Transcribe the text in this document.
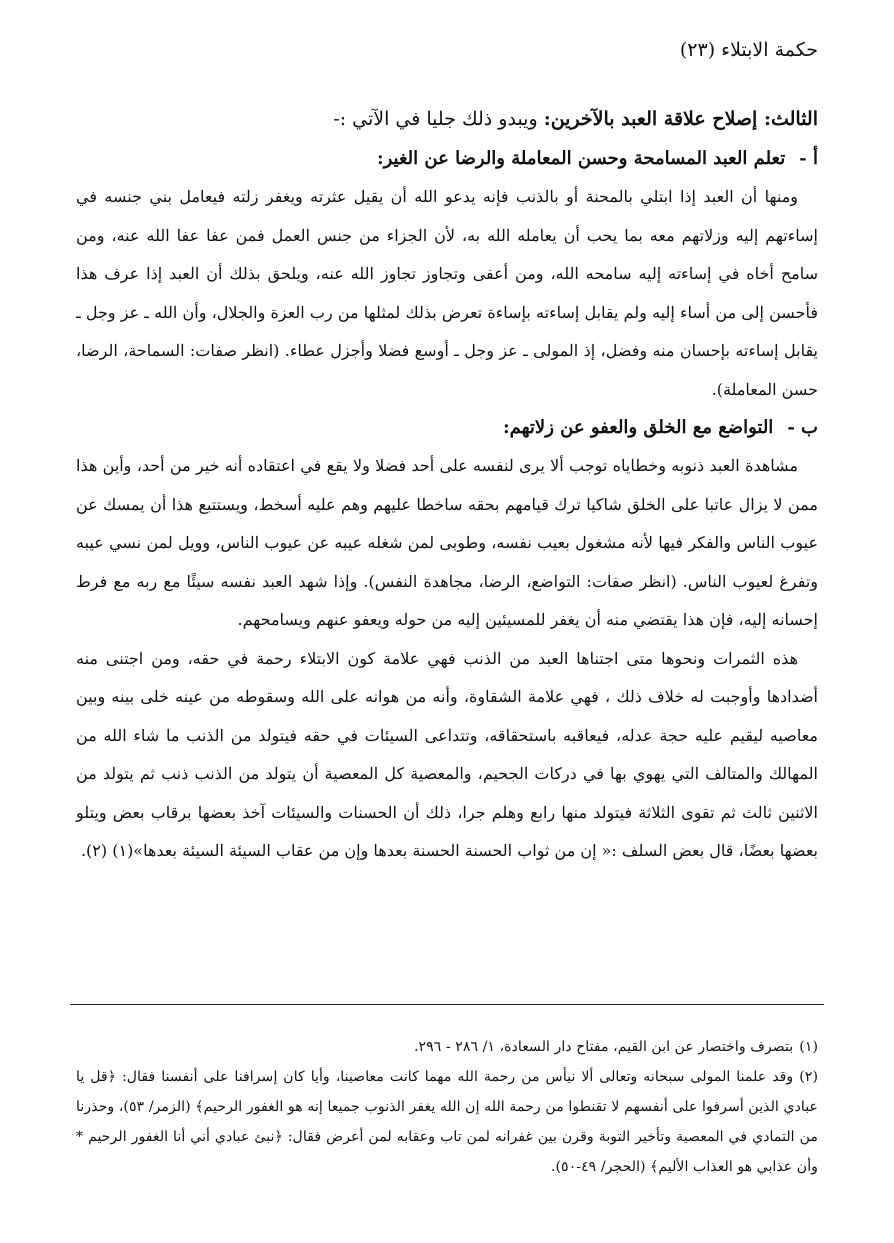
حكمة الابتلاء (٢٣)
الثالث: إصلاح علاقة العبد بالآخرين: ويبدو ذلك جليا في الآتي :-
أ -تعلم العبد المسامحة وحسن المعاملة والرضا عن الغير:

ومنها أن العبد إذا ابتلي بالمحنة أو بالذنب فإنه يدعو الله أن يقيل عثرته ويغفر زلته فيعامل بني جنسه في إساءتهم إليه وزلاتهم معه بما يحب أن يعامله الله به، لأن الجزاء من جنس العمل فمن عفا عفا الله عنه، ومن سامح أخاه في إساءته إليه سامحه الله، ومن أعفى وتجاوز تجاوز الله عنه، ويلحق بذلك أن العبد إذا عرف هذا فأحسن إلى من أساء إليه ولم يقابل إساءته بإساءة تعرض بذلك لمثلها من رب العزة والجلال، وأن الله ـ عز وجل ـ يقابل إساءته بإحسان منه وفضل، إذ المولى ـ عز وجل ـ أوسع فضلا وأجزل عطاء. (انظر صفات: السماحة، الرضا، حسن المعاملة).

ب -التواضع مع الخلق والعفو عن زلاتهم:

مشاهدة العبد ذنوبه وخطاياه توجب ألا يرى لنفسه على أحد فضلا ولا يقع في اعتقاده أنه خير من أحد، وأين هذا ممن لا يزال عاتبا على الخلق شاكيا ترك قيامهم بحقه ساخطا عليهم وهم عليه أسخط، ويستتبع هذا أن يمسك عن عيوب الناس والفكر فيها لأنه مشغول بعيب نفسه، وطوبى لمن شغله عيبه عن عيوب الناس، وويل لمن نسي عيبه وتفرغ لعيوب الناس. (انظر صفات: التواضع، الرضا، مجاهدة النفس). وإذا شهد العبد نفسه سيئًا مع ربه مع فرط إحسانه إليه، فإن هذا يقتضي منه أن يغفر للمسيئين إليه من حوله ويعفو عنهم ويسامحهم.

هذه الثمرات ونحوها متى اجتناها العبد من الذنب فهي علامة كون الابتلاء رحمة في حقه، ومن اجتنى منه أضدادها وأوجبت له خلاف ذلك ، فهي علامة الشقاوة، وأنه من هوانه على الله وسقوطه من عينه خلى بينه وبين معاصيه ليقيم عليه حجة عدله، فيعاقبه باستحقاقه، وتتداعى السيئات في حقه فيتولد من الذنب ما شاء الله من المهالك والمتالف التي يهوي بها في دركات الجحيم، والمعصية كل المعصية أن يتولد من الذنب ذنب ثم يتولد من الاثنين ثالث ثم تقوى الثلاثة فيتولد منها رابع وهلم جرا، ذلك أن الحسنات والسيئات آخذ بعضها برقاب بعض ويتلو بعضها بعضًا، قال بعض السلف :« إن من ثواب الحسنة الحسنة بعدها وإن من عقاب السيئة السيئة بعدها»(١) (٢).

(١)بتصرف واختصار عن ابن القيم، مفتاح دار السعادة، ١/ ٢٨٦ - ٢٩٦.

(٢)وقد علمنا المولى سبحانه وتعالى ألا نيأس من رحمة الله مهما كانت معاصينا، وأيا كان إسرافنا على أنفسنا فقال: ﴿قل يا عبادي الذين أسرفوا على أنفسهم لا تقنطوا من رحمة الله إن الله يغفر الذنوب جميعا إنه هو الغفور الرحيم﴾ (الزمر/ ٥٣)، وحذرنا من التمادي في المعصية وتأخير التوبة وقرن بين غفرانه لمن تاب وعقابه لمن أعرض فقال: ﴿نبئ عبادي أني أنا الغفور الرحيم * وأن عذابي هو العذاب الأليم﴾ (الحجر/ ٤٩-٥٠).
